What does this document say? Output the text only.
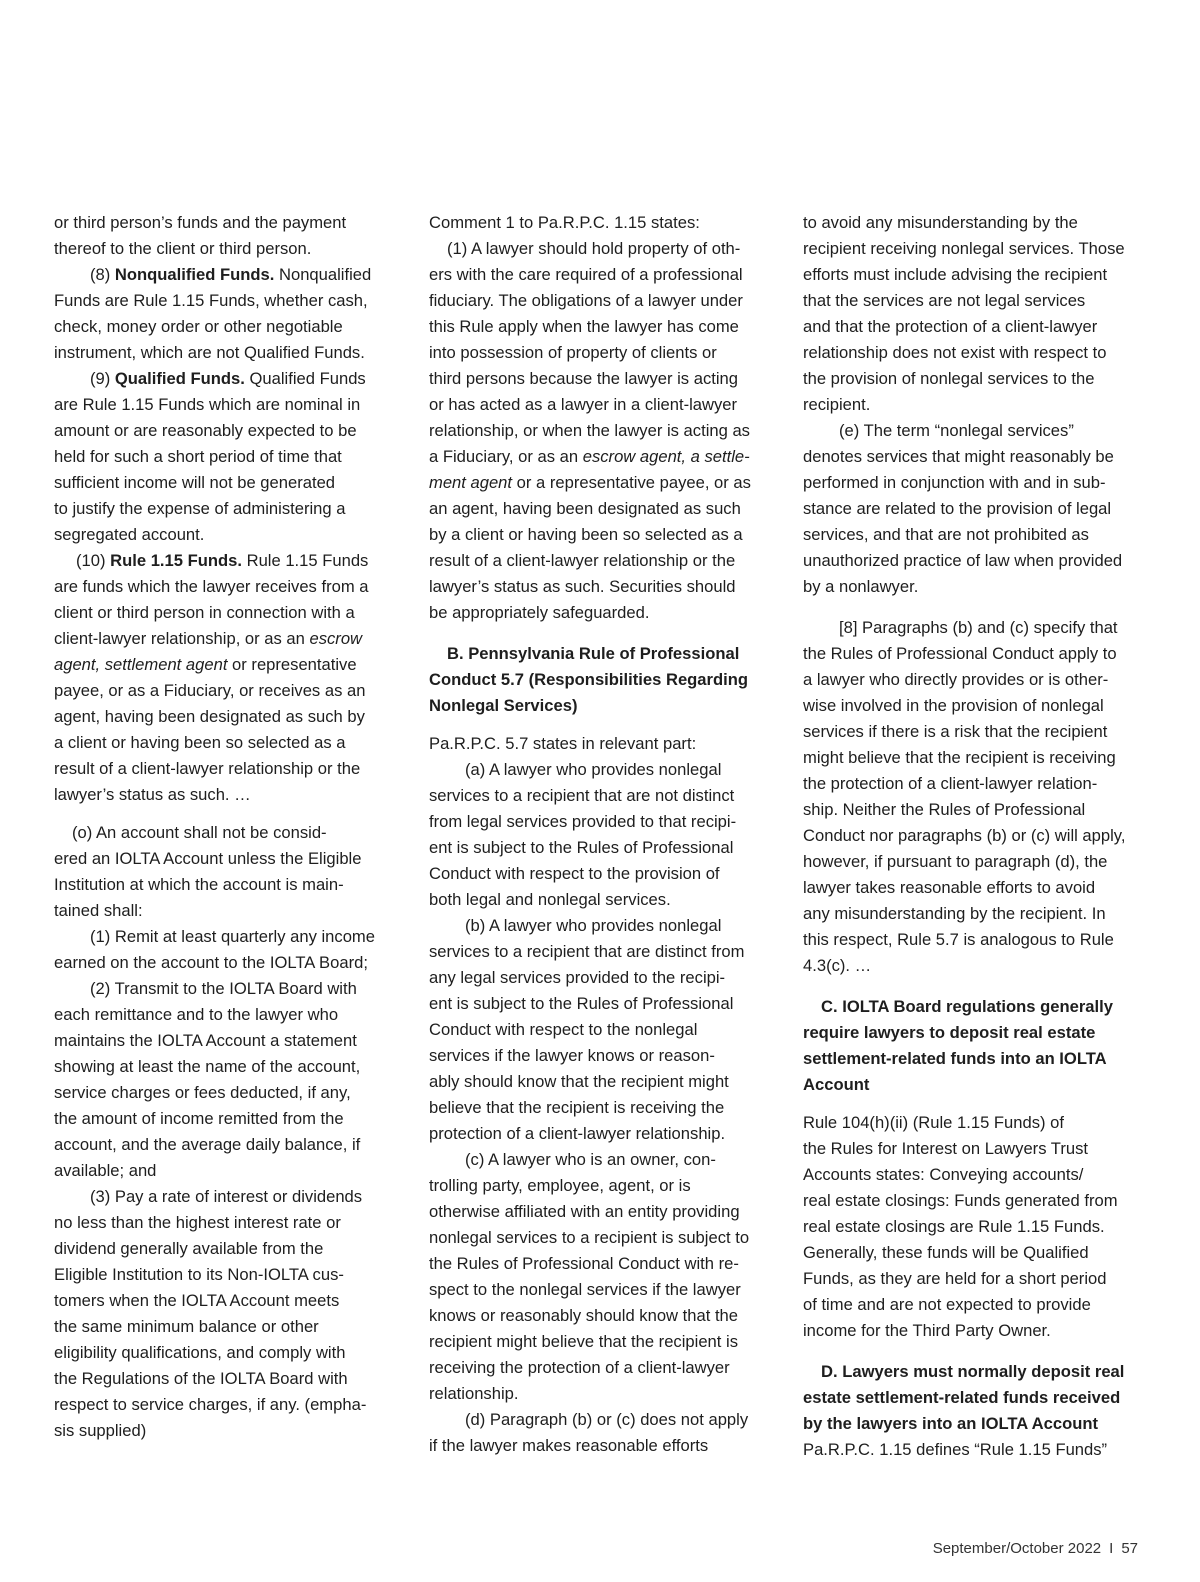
or third person’s funds and the payment
thereof to the client or third person.
(8) Nonqualified Funds. Nonqualified
Funds are Rule 1.15 Funds, whether cash,
check, money order or other negotiable
instrument, which are not Qualified Funds.
(9) Qualified Funds. Qualified Funds
are Rule 1.15 Funds which are nominal in
amount or are reasonably expected to be
held for such a short period of time that
sufficient income will not be generated
to justify the expense of administering a
segregated account.
(10) Rule 1.15 Funds. Rule 1.15 Funds
are funds which the lawyer receives from a
client or third person in connection with a
client-lawyer relationship, or as an escrow
agent, settlement agent or representative
payee, or as a Fiduciary, or receives as an
agent, having been designated as such by
a client or having been so selected as a
result of a client-lawyer relationship or the
lawyer’s status as such. …
(o) An account shall not be consid-
ered an IOLTA Account unless the Eligible
Institution at which the account is main-
tained shall:
(1) Remit at least quarterly any income
earned on the account to the IOLTA Board;
(2) Transmit to the IOLTA Board with
each remittance and to the lawyer who
maintains the IOLTA Account a statement
showing at least the name of the account,
service charges or fees deducted, if any,
the amount of income remitted from the
account, and the average daily balance, if
available; and
(3) Pay a rate of interest or dividends
no less than the highest interest rate or
dividend generally available from the
Eligible Institution to its Non-IOLTA cus-
tomers when the IOLTA Account meets
the same minimum balance or other
eligibility qualifications, and comply with
the Regulations of the IOLTA Board with
respect to service charges, if any. (empha-
sis supplied)
Comment 1 to Pa.R.P.C. 1.15 states:
(1) A lawyer should hold property of oth-
ers with the care required of a professional
fiduciary. The obligations of a lawyer under
this Rule apply when the lawyer has come
into possession of property of clients or
third persons because the lawyer is acting
or has acted as a lawyer in a client-lawyer
relationship, or when the lawyer is acting as
a Fiduciary, or as an escrow agent, a settle-
ment agent or a representative payee, or as
an agent, having been designated as such
by a client or having been so selected as a
result of a client-lawyer relationship or the
lawyer’s status as such. Securities should
be appropriately safeguarded.
B. Pennsylvania Rule of Professional
Conduct 5.7 (Responsibilities Regarding
Nonlegal Services)
Pa.R.P.C. 5.7 states in relevant part:
(a) A lawyer who provides nonlegal
services to a recipient that are not distinct
from legal services provided to that recipi-
ent is subject to the Rules of Professional
Conduct with respect to the provision of
both legal and nonlegal services.
(b) A lawyer who provides nonlegal
services to a recipient that are distinct from
any legal services provided to the recipi-
ent is subject to the Rules of Professional
Conduct with respect to the nonlegal
services if the lawyer knows or reason-
ably should know that the recipient might
believe that the recipient is receiving the
protection of a client-lawyer relationship.
(c) A lawyer who is an owner, con-
trolling party, employee, agent, or is
otherwise affiliated with an entity providing
nonlegal services to a recipient is subject to
the Rules of Professional Conduct with re-
spect to the nonlegal services if the lawyer
knows or reasonably should know that the
recipient might believe that the recipient is
receiving the protection of a client-lawyer
relationship.
(d) Paragraph (b) or (c) does not apply
if the lawyer makes reasonable efforts
to avoid any misunderstanding by the
recipient receiving nonlegal services. Those
efforts must include advising the recipient
that the services are not legal services
and that the protection of a client-lawyer
relationship does not exist with respect to
the provision of nonlegal services to the
recipient.
(e) The term “nonlegal services”
denotes services that might reasonably be
performed in conjunction with and in sub-
stance are related to the provision of legal
services, and that are not prohibited as
unauthorized practice of law when provided
by a nonlawyer.
[8] Paragraphs (b) and (c) specify that
the Rules of Professional Conduct apply to
a lawyer who directly provides or is other-
wise involved in the provision of nonlegal
services if there is a risk that the recipient
might believe that the recipient is receiving
the protection of a client-lawyer relation-
ship. Neither the Rules of Professional
Conduct nor paragraphs (b) or (c) will apply,
however, if pursuant to paragraph (d), the
lawyer takes reasonable efforts to avoid
any misunderstanding by the recipient. In
this respect, Rule 5.7 is analogous to Rule
4.3(c). …
C. IOLTA Board regulations generally
require lawyers to deposit real estate
settlement-related funds into an IOLTA
Account
Rule 104(h)(ii) (Rule 1.15 Funds) of
the Rules for Interest on Lawyers Trust
Accounts states: Conveying accounts/
real estate closings: Funds generated from
real estate closings are Rule 1.15 Funds.
Generally, these funds will be Qualified
Funds, as they are held for a short period
of time and are not expected to provide
income for the Third Party Owner.
D. Lawyers must normally deposit real
estate settlement-related funds received
by the lawyers into an IOLTA Account
Pa.R.P.C. 1.15 defines “Rule 1.15 Funds”
September/October 2022 I 57
